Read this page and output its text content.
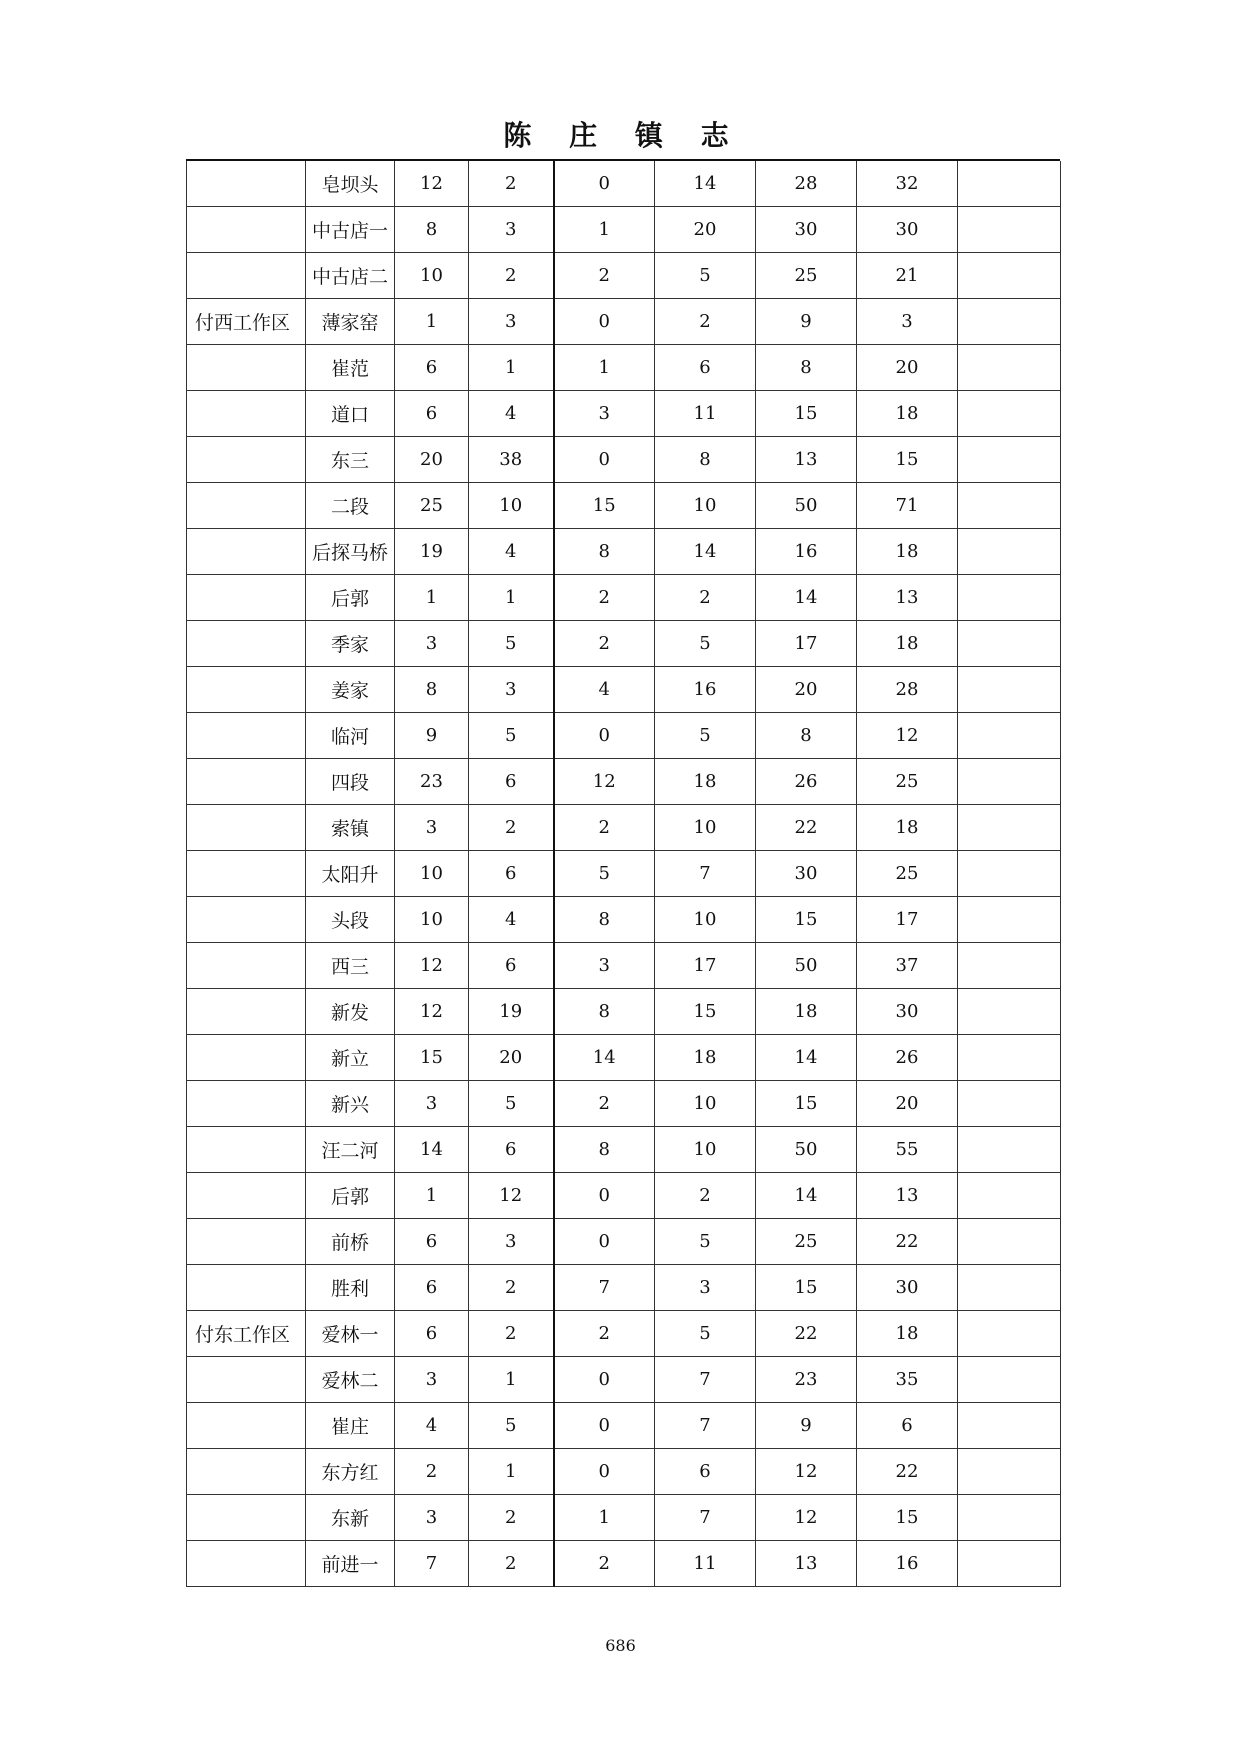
陈 庄 镇 志
	皂坝头	12	2	0	14	28	32	
	中古店一	8	3	1	20	30	30	
	中古店二	10	2	2	5	25	21	
付西工作区	薄家窑	1	3	0	2	9	3	
	崔范	6	1	1	6	8	20	
	道口	6	4	3	11	15	18	
	东三	20	38	0	8	13	15	
	二段	25	10	15	10	50	71	
	后探马桥	19	4	8	14	16	18	
	后郭	1	1	2	2	14	13	
	季家	3	5	2	5	17	18	
	姜家	8	3	4	16	20	28	
	临河	9	5	0	5	8	12	
	四段	23	6	12	18	26	25	
	索镇	3	2	2	10	22	18	
	太阳升	10	6	5	7	30	25	
	头段	10	4	8	10	15	17	
	西三	12	6	3	17	50	37	
	新发	12	19	8	15	18	30	
	新立	15	20	14	18	14	26	
	新兴	3	5	2	10	15	20	
	汪二河	14	6	8	10	50	55	
	后郭	1	12	0	2	14	13	
	前桥	6	3	0	5	25	22	
	胜利	6	2	7	3	15	30	
付东工作区	爱林一	6	2	2	5	22	18	
	爱林二	3	1	0	7	23	35	
	崔庄	4	5	0	7	9	6	
	东方红	2	1	0	6	12	22	
	东新	3	2	1	7	12	15	
	前进一	7	2	2	11	13	16	
686
